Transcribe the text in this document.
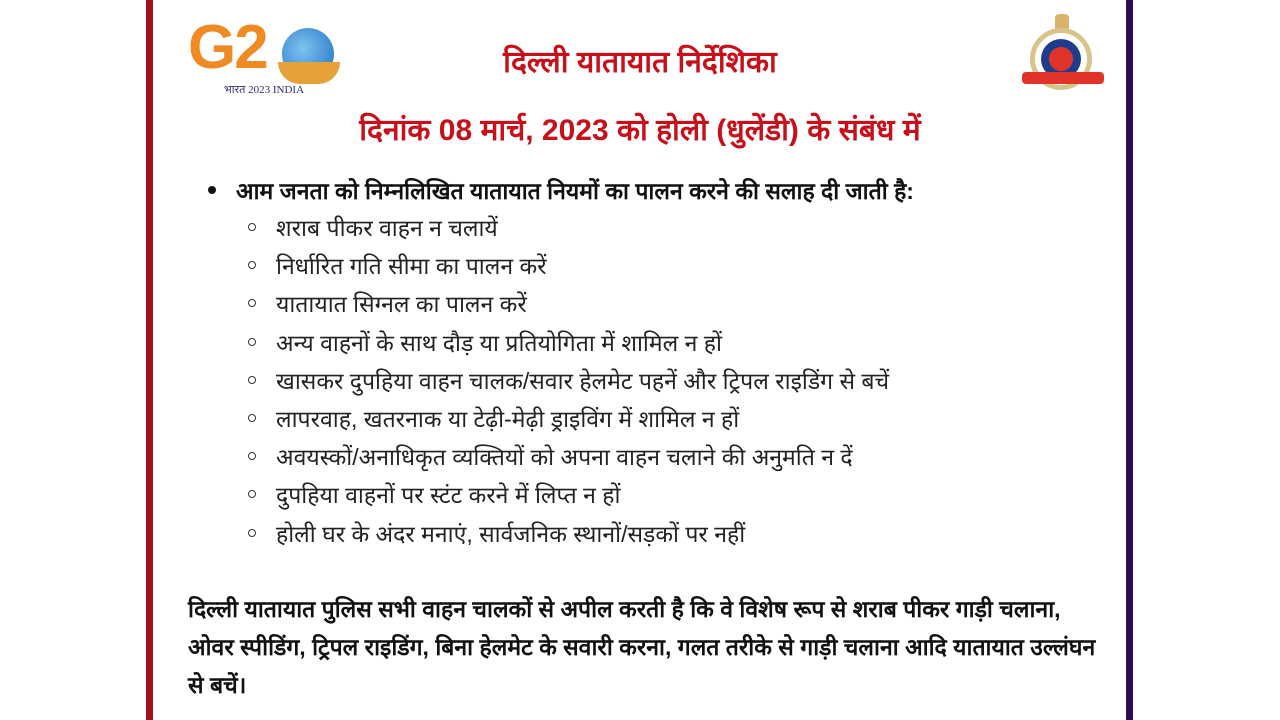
G2
भारत 2023 INDIA
दिल्ली यातायात निर्देशिका
दिनांक 08 मार्च, 2023 को होली (धुलेंडी) के संबंध में
आम जनता को निम्नलिखित यातायात नियमों का पालन करने की सलाह दी जाती है:
शराब पीकर वाहन न चलायें
निर्धारित गति सीमा का पालन करें
यातायात सिग्नल का पालन करें
अन्य वाहनों के साथ दौड़ या प्रतियोगिता में शामिल न हों
खासकर दुपहिया वाहन चालक/सवार हेलमेट पहनें और ट्रिपल राइडिंग से बचें
लापरवाह, खतरनाक या टेढ़ी-मेढ़ी ड्राइविंग में शामिल न हों
अवयस्कों/अनाधिकृत व्यक्तियों को अपना वाहन चलाने की अनुमति न दें
दुपहिया वाहनों पर स्टंट करने में लिप्त न हों
होली घर के अंदर मनाएं, सार्वजनिक स्थानों/सड़कों पर नहीं
दिल्ली यातायात पुलिस सभी वाहन चालकों से अपील करती है कि वे विशेष रूप से शराब पीकर गाड़ी चलाना, ओवर स्पीडिंग, ट्रिपल राइडिंग, बिना हेलमेट के सवारी करना, गलत तरीके से गाड़ी चलाना आदि यातायात उल्लंघन से बचें।
